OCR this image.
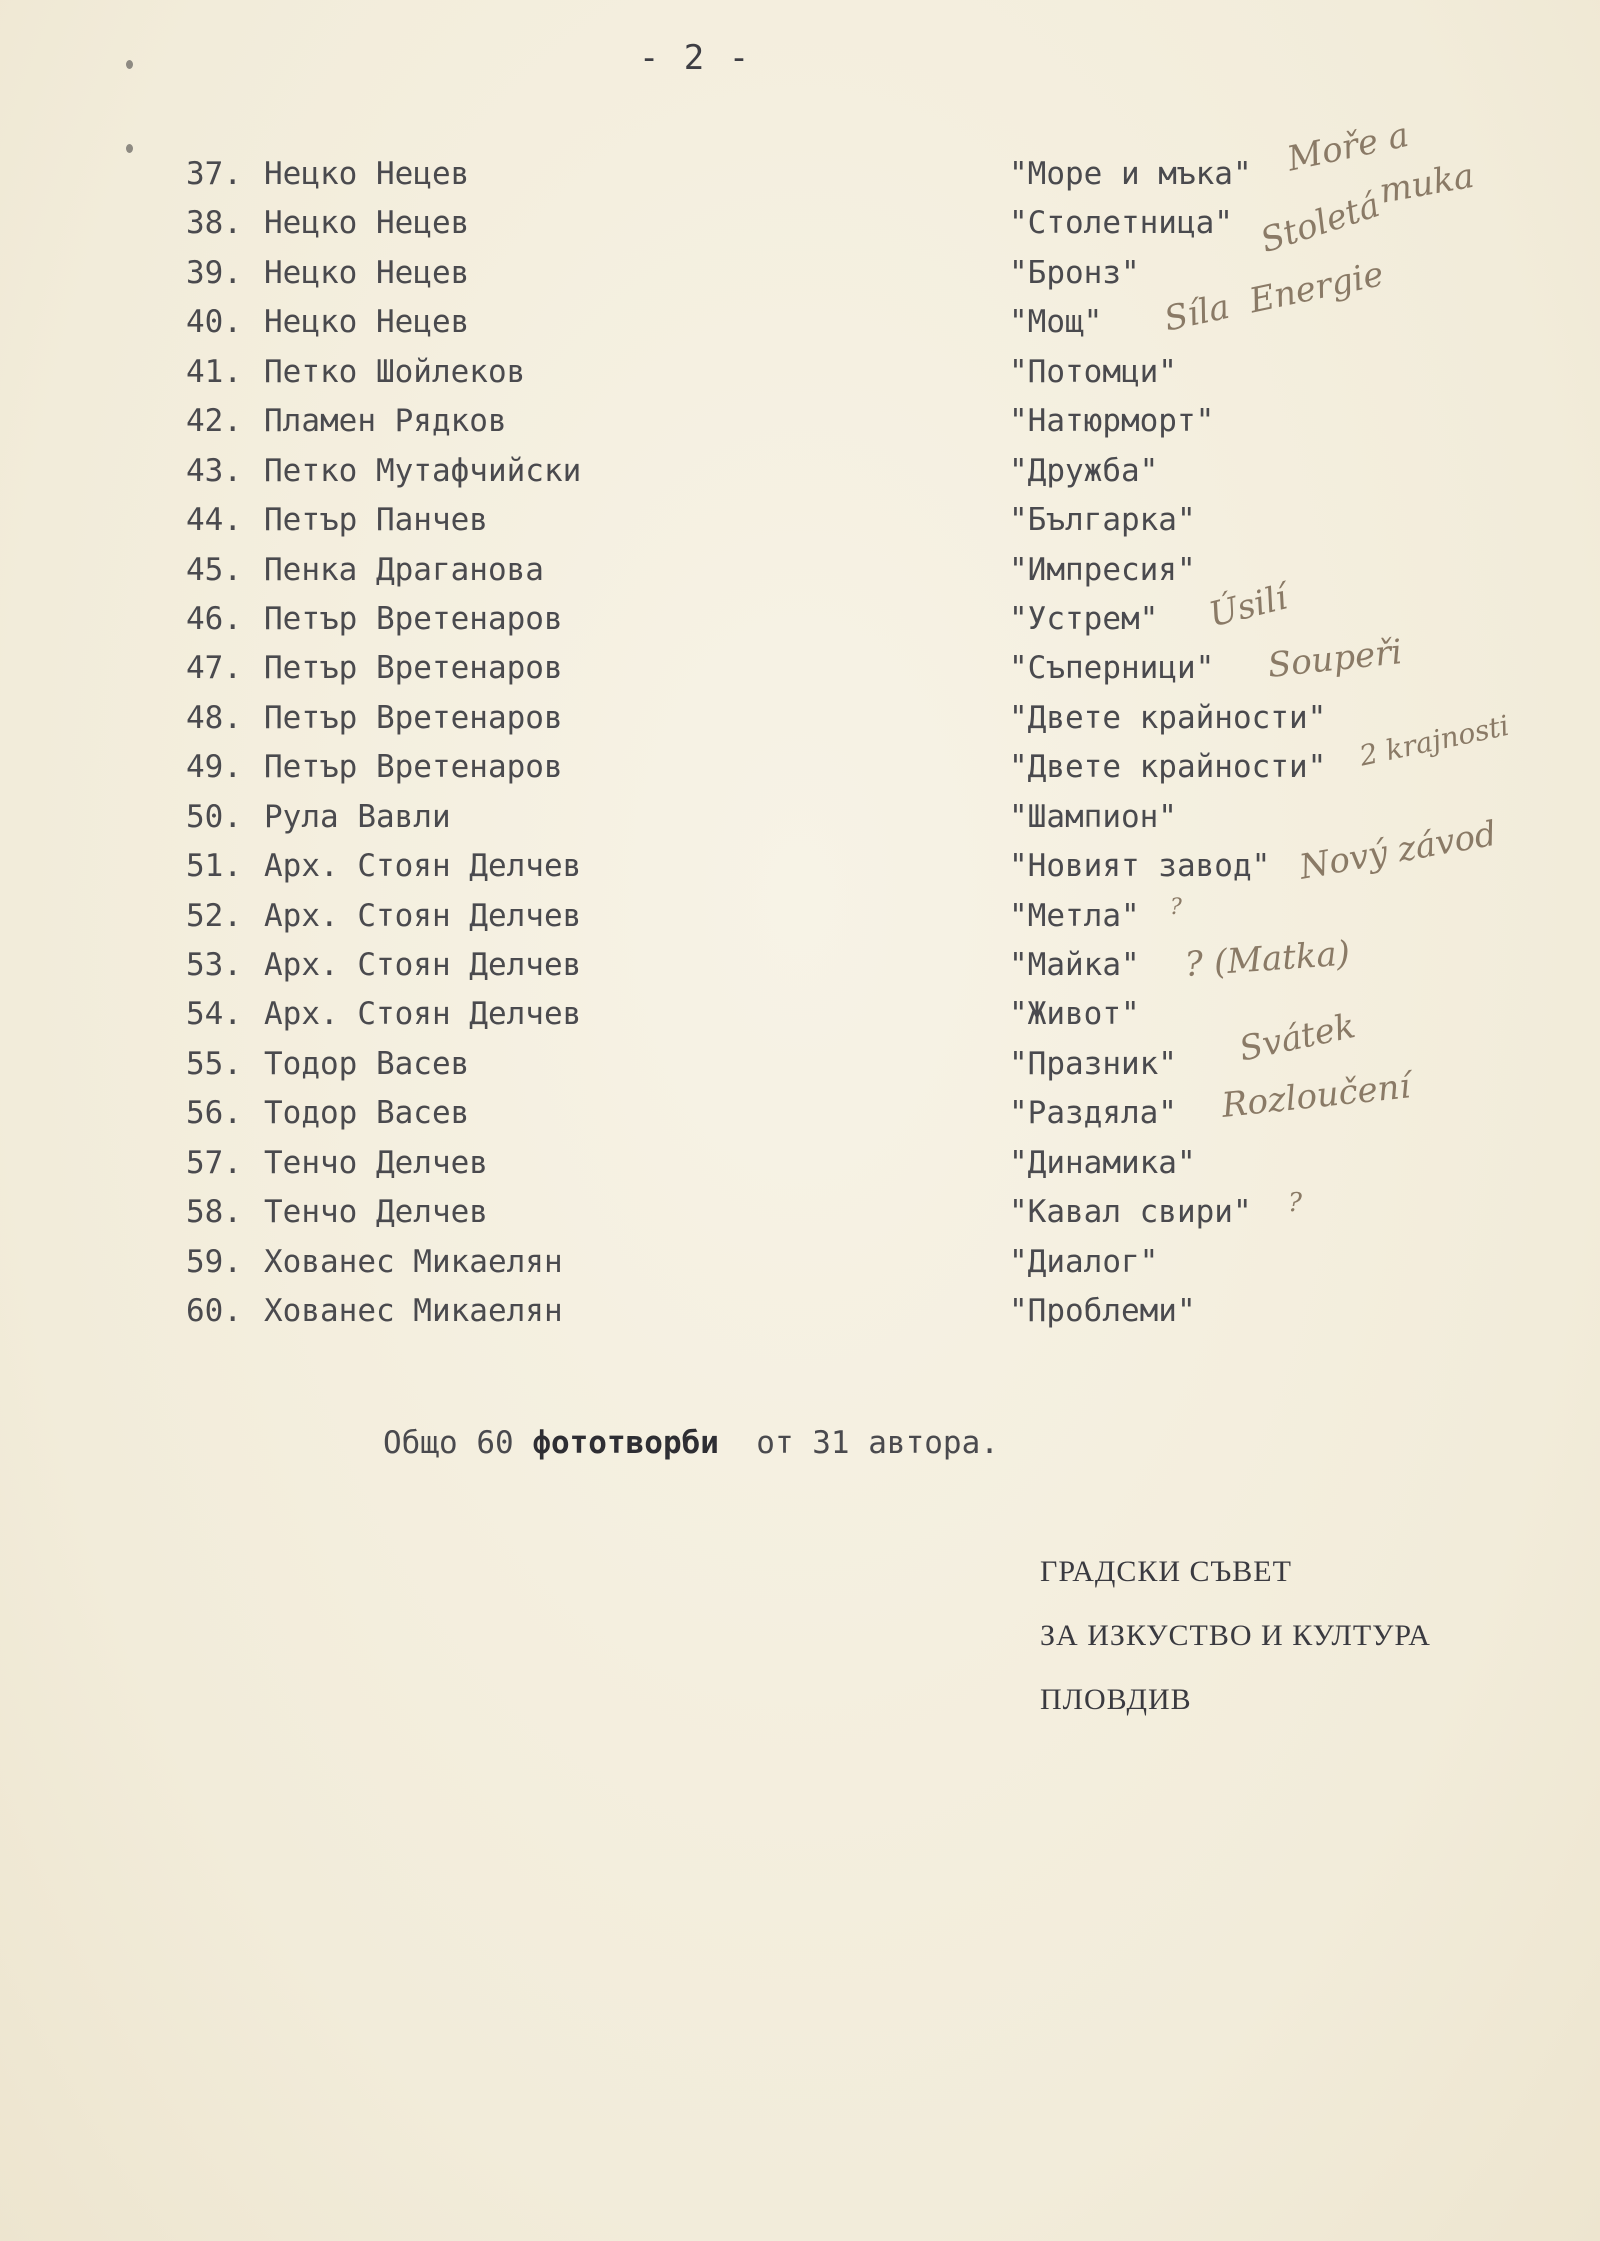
- 2 -
37. Нецко Нецев	"Море и мъка"
38. Нецко Нецев	"Столетница"
39. Нецко Нецев	"Бронз"
40. Нецко Нецев	"Мощ"
41. Петко Шойлеков	"Потомци"
42. Пламен Рядков	"Натюрморт"
43. Петко Мутафчийски	"Дружба"
44. Петър Панчев	"Българка"
45. Пенка Драганова	"Импресия"
46. Петър Вретенаров	"Устрем"
47. Петър Вретенаров	"Съперници"
48. Петър Вретенаров	"Двете крайности"
49. Петър Вретенаров	"Двете крайности"
50. Рула Вавли	"Шампион"
51. Арх. Стоян Делчев	"Новият завод"
52. Арх. Стоян Делчев	"Метла"
53. Арх. Стоян Делчев	"Майка"
54. Арх. Стоян Делчев	"Живот"
55. Тодор Васев	"Празник"
56. Тодор Васев	"Раздяла"
57. Тенчо Делчев	"Динамика"
58. Тенчо Делчев	"Кавал свири"
59. Хованес Микаелян	"Диалог"
60. Хованес Микаелян	"Проблеми"
Общо 60 фототворби  от 31 автора.
ГРАДСКИ СЪВЕТ
ЗА ИЗКУСТВО И КУЛТУРА
ПЛОВДИВ
Moře a
muka
Stoletá
Síla  Energie
Úsilí
Soupeři
2 krajnosti
Nový závod
?
? (Matka)
Svátek
Rozloučení
?
